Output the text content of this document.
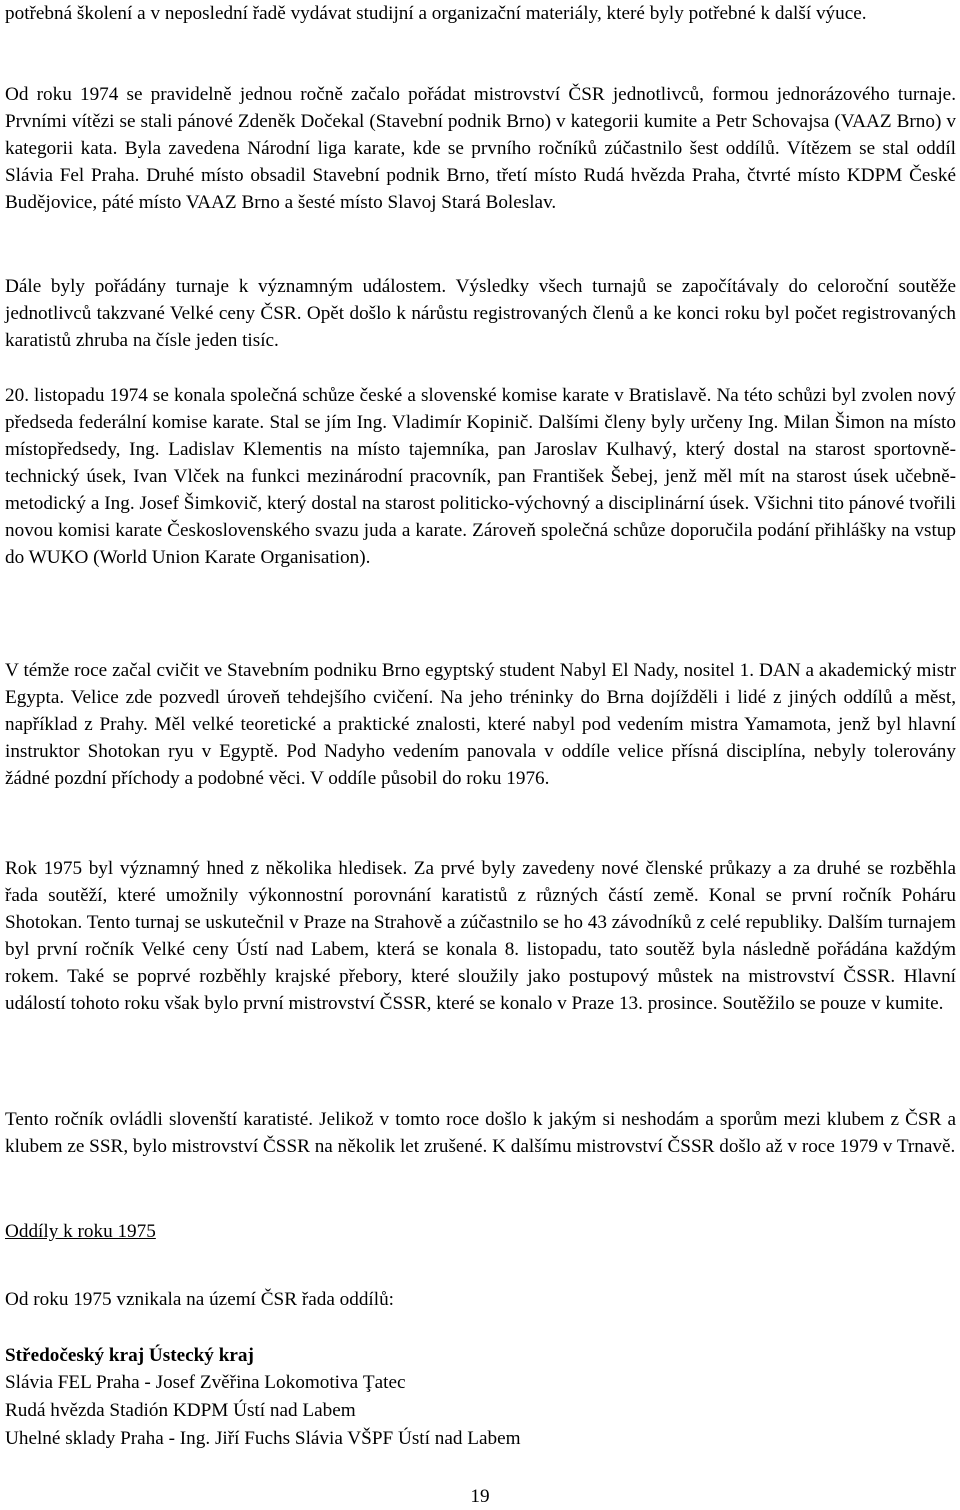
potřebná školení a v neposlední řadě vydávat studijní a organizační materiály, které byly potřebné k další výuce.

Od roku 1974 se pravidelně jednou ročně začalo pořádat mistrovství ČSR jednotlivců, formou jednorázového turnaje. Prvními vítězi se stali pánové Zdeněk Dočekal (Stavební podnik Brno) v kategorii kumite a Petr Schovajsa (VAAZ Brno) v kategorii kata. Byla zavedena Národní liga karate, kde se prvního ročníků zúčastnilo šest oddílů. Vítězem se stal oddíl Slávia Fel Praha. Druhé místo obsadil Stavební podnik Brno, třetí místo Rudá hvězda Praha, čtvrté místo KDPM České Budějovice, páté místo VAAZ Brno a šesté místo Slavoj Stará Boleslav.

Dále byly pořádány turnaje k významným událostem. Výsledky všech turnajů se započítávaly do celoroční soutěže jednotlivců takzvané Velké ceny ČSR. Opět došlo k nárůstu registrovaných členů a ke konci roku byl počet registrovaných karatistů zhruba na čísle jeden tisíc.

20. listopadu 1974 se konala společná schůze české a slovenské komise karate v Bratislavě. Na této schůzi byl zvolen nový předseda federální komise karate. Stal se jím Ing. Vladimír Kopinič. Dalšími členy byly určeny Ing. Milan Šimon na místo místopředsedy, Ing. Ladislav Klementis na místo tajemníka, pan Jaroslav Kulhavý, který dostal na starost sportovně-technický úsek, Ivan Vlček na funkci mezinárodní pracovník, pan František Šebej, jenž měl mít na starost úsek učebně-metodický a Ing. Josef Šimkovič, který dostal na starost politicko-výchovný a disciplinární úsek. Všichni tito pánové tvořili novou komisi karate Československého svazu juda a karate. Zároveň společná schůze doporučila podání přihlášky na vstup do WUKO (World Union Karate Organisation).

V témže roce začal cvičit ve Stavebním podniku Brno egyptský student Nabyl El Nady, nositel 1. DAN a akademický mistr Egypta. Velice zde pozvedl úroveň tehdejšího cvičení. Na jeho tréninky do Brna dojížděli i lidé z jiných oddílů a měst, například z Prahy. Měl velké teoretické a praktické znalosti, které nabyl pod vedením mistra Yamamota, jenž byl hlavní instruktor Shotokan ryu v Egyptě. Pod Nadyho vedením panovala v oddíle velice přísná disciplína, nebyly tolerovány žádné pozdní příchody a podobné věci. V oddíle působil do roku 1976.

Rok 1975 byl významný hned z několika hledisek. Za prvé byly zavedeny nové členské průkazy a za druhé se rozběhla řada soutěží, které umožnily výkonnostní porovnání karatistů z různých částí země. Konal se první ročník Poháru Shotokan. Tento turnaj se uskutečnil v Praze na Strahově a zúčastnilo se ho 43 závodníků z celé republiky. Dalším turnajem byl první ročník Velké ceny Ústí nad Labem, která se konala 8. listopadu, tato soutěž byla následně pořádána každým rokem. Také se poprvé rozběhly krajské přebory, které sloužily jako postupový můstek na mistrovství ČSSR. Hlavní událostí tohoto roku však bylo první mistrovství ČSSR, které se konalo v Praze 13. prosince. Soutěžilo se pouze v kumite.

Tento ročník ovládli slovenští karatisté. Jelikož v tomto roce došlo k jakým si neshodám a sporům mezi klubem z ČSR a klubem ze SSR, bylo mistrovství ČSSR na několik let zrušené. K dalšímu mistrovství ČSSR došlo až v roce 1979 v Trnavě.

Oddíly k roku 1975

Od roku 1975 vznikala na území ČSR řada oddílů:

Středočeský kraj Ústecký kraj

Slávia FEL Praha - Josef Zvěřina Lokomotiva Ţatec

Rudá hvězda Stadión KDPM Ústí nad Labem

Uhelné sklady Praha - Ing. Jiří Fuchs Slávia VŠPF Ústí nad Labem

19
